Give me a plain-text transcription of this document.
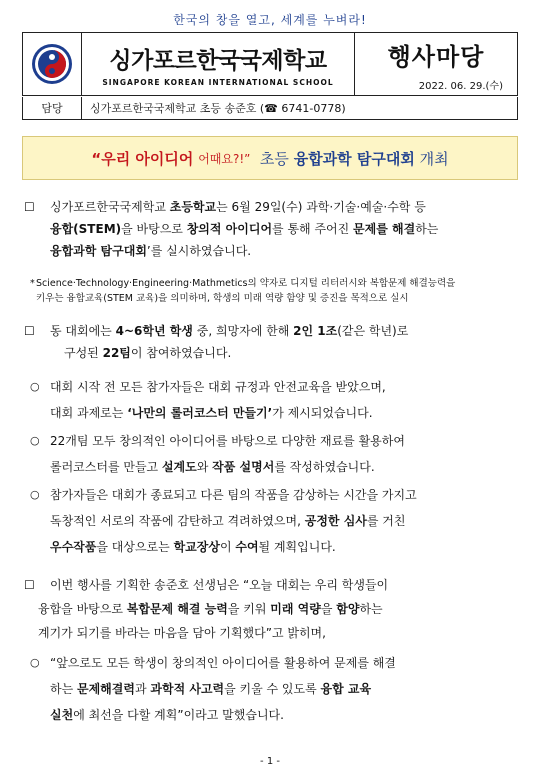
한국의 창을 열고, 세계를 누벼라!
싱가포르한국국제학교
SINGAPORE KOREAN INTERNATIONAL SCHOOL
행사마당
2022. 06. 29.(수)
담당	싱가포르한국국제학교 초등 송준호 (☎ 6741-0778)
“우리 아이디어
어때요?!”
초등
융합과학 탐구대회
개최
☐ 싱가포르한국국제학교 초등학교는 6월 29일(수) 과학·기술·예술·수학 등
융합(STEM)을 바탕으로 창의적 아이디어를 통해 주어진 문제를 해결하는
융합과학 탐구대회’를 실시하였습니다.
* Science·Technology·Engineering·Mathmetics의 약자로 디지털 리터러시와 복합문제 해결능력을
키우는 융합교육(STEM 교육)을 의미하며, 학생의 미래 역량 함양 및 증진을 목적으로 실시
☐ 동 대회에는 4~6학년 학생 중, 희망자에 한해 2인 1조(같은 학년)로
구성된 22팀이 참여하였습니다.
○ 대회 시작 전 모든 참가자들은 대회 규정과 안전교육을 받았으며,
대회 과제로는 ‘나만의 롤러코스터 만들기’가 제시되었습니다.
○ 22개팀 모두 창의적인 아이디어를 바탕으로 다양한 재료를 활용하여
롤러코스터를 만들고 설계도와 작품 설명서를 작성하였습니다.
○ 참가자들은 대회가 종료되고 다른 팀의 작품을 감상하는 시간을 가지고
독창적인 서로의 작품에 감탄하고 격려하였으며, 공정한 심사를 거친
우수작품을 대상으로는 학교장상이 수여될 계획입니다.
☐ 이번 행사를 기획한 송준호 선생님은 “오늘 대회는 우리 학생들이
융합을 바탕으로 복합문제 해결 능력을 키워 미래 역량을 함양하는
계기가 되기를 바라는 마음을 담아 기획했다”고 밝히며,
○ “앞으로도 모든 학생이 창의적인 아이디어를 활용하여 문제를 해결
하는 문제해결력과 과학적 사고력을 키울 수 있도록 융합 교육
실천에 최선을 다할 계획”이라고 말했습니다.
- 1 -
